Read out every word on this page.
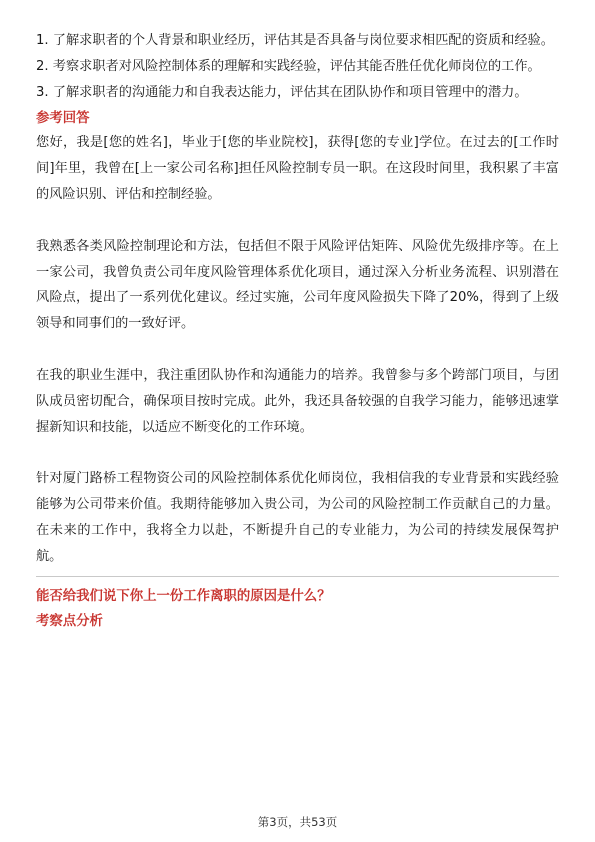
1. 了解求职者的个人背景和职业经历，评估其是否具备与岗位要求相匹配的资质和经验。

2. 考察求职者对风险控制体系的理解和实践经验，评估其能否胜任优化师岗位的工作。

3. 了解求职者的沟通能力和自我表达能力，评估其在团队协作和项目管理中的潜力。

参考回答

您好，我是[您的姓名]，毕业于[您的毕业院校]，获得[您的专业]学位。在过去的[工作时间]年里，我曾在[上一家公司名称]担任风险控制专员一职。在这段时间里，我积累了丰富的风险识别、评估和控制经验。

我熟悉各类风险控制理论和方法，包括但不限于风险评估矩阵、风险优先级排序等。在上一家公司，我曾负责公司年度风险管理体系优化项目，通过深入分析业务流程、识别潜在风险点，提出了一系列优化建议。经过实施，公司年度风险损失下降了20%，得到了上级领导和同事们的一致好评。

在我的职业生涯中，我注重团队协作和沟通能力的培养。我曾参与多个跨部门项目，与团队成员密切配合，确保项目按时完成。此外，我还具备较强的自我学习能力，能够迅速掌握新知识和技能，以适应不断变化的工作环境。

针对厦门路桥工程物资公司的风险控制体系优化师岗位，我相信我的专业背景和实践经验能够为公司带来价值。我期待能够加入贵公司，为公司的风险控制工作贡献自己的力量。在未来的工作中，我将全力以赴，不断提升自己的专业能力，为公司的持续发展保驾护航。

能否给我们说下你上一份工作离职的原因是什么？

考察点分析

第3页，共53页
